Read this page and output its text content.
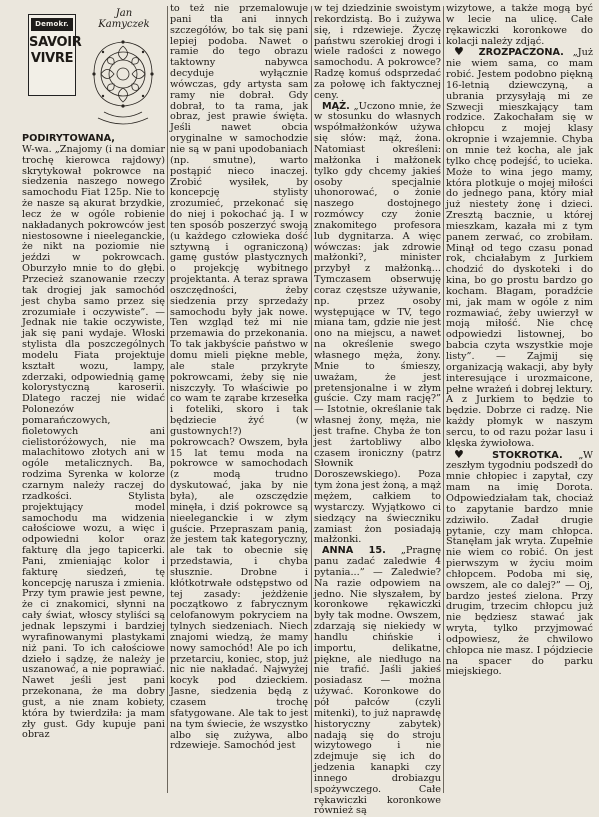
Demokr.
SAVOIR
VIVRE
Jan
Kamyczek

PODIRYTOWANA,
W-wa. „Znajomy (i na domiar trochę kierowca rajdowy) skrytykował pokrowce na siedzenia naszego nowego samochodu Fiat 125p. Nie to że nasze są akurat brzydkie, lecz że w ogóle robienie nakładanych pokrowców jest niestosowne i nieeleganckie, że nikt na poziomie nie jeździ w pokrowcach. Oburzyło mnie to do głębi. Przecież szanowanie rzeczy tak drogiej jak samochód jest chyba samo przez się zrozumiałe i oczywiste”. — Jednak nie takie oczywiste, jak się pani wydaje. Włoski stylista dla poszczególnych modelu Fiata projektuje kształt wozu, lampy, zderzaki, odpowiednią gamę kolorystyczną karoserii. Dlatego raczej nie widać Polonezów pomarańczowych, fioletowych ani cielistoróżowych, nie ma malachitowo złotych ani w ogóle metalicznych. Ba, rodzima Syrenka w kolorze czarnym należy raczej do rzadkości. Stylista projektujący model samochodu ma widzenia całościowe wozu, a więc i odpowiedni kolor oraz fakturę dla jego tapicerki. Pani, zmieniając kolor i fakturę siedzeń, tę koncepcję narusza i zmienia. Przy tym prawie jest pewne, że ci znakomici, słynni na cały świat, włoscy styliści są jednak lepszymi i bardziej wyrafinowanymi plastykami niż pani. To ich całościowe dzieło i sądzę, że należy je uszanować, a nie poprawiać. Nawet jeśli jest pani przekonana, że ma dobry gust, a nie znam kobiety, która by twierdziła: ja mam zły gust. Gdy kupuje pani obraz

to też nie przemalowuje pani tła ani innych szczegółów, bo tak się pani lepiej podoba. Nawet o ramie do tego obrazu taktowny nabywca decyduje wyłącznie wówczas, gdy artysta sam ramy nie dobrał. Gdy dobrał, to ta rama, jak obraz, jest prawie święta. Jeśli nawet obcia oryginalne w samochodzie nie są w pani upodobaniach (np. smutne), warto postąpić nieco inaczej. Zrobić wysiłek, by koncepcję stylisty zrozumieć, przekonać się do niej i pokochać ją. I w ten sposób poszerzyć swoją (u każdego człowieka dość sztywną i ograniczoną) gamę gustów plastycznych o projekcję wybitnego projektanta. A teraz sprawa oszczędności, żeby siedzenia przy sprzedaży samochodu były jak nowe. Ten wzgląd też mi nie przemawia do przekonania. To tak jakbyście państwo w domu mieli piękne meble, ale stale przykryte pokrowcami, żeby się nie niszczyły. To właściwie po co wam te ząrabe krzesełka i foteliki, skoro i tak będziecie żyć (w gustownych!?) pokrowcach? Owszem, była 15 lat temu moda na pokrowce w samochodach (z modą trudno dyskutować, jaka by nie była), ale ozsczędzie minęła, i dziś pokrowce są nieeleganckie i w złym guście. Przepraszam panią, że jestem tak kategoryczny, ale tak to obecnie się przedstawia, i chyba słusznie. Drobne i kłótkotrwałe odstępstwo od tej zasady: jeżdżenie początkowo z fabrycznym celofanowym pokryciem na tylnych siedzeniach. Niech znajomi wiedzą, że mamy nowy samochód! Ale po ich przetarciu, koniec, stop, już nic nie nakładać. Najwyżej kocyk pod dzieckiem. Jasne, siedzenia będą z czasem trochę sfatygowane. Ale tak to jest na tym świecie, że wszystko albo się zużywa, albo rdzewieje. Samochód jest

w tej dziedzinie swoistym rekordzistą. Bo i zużywa się, i rdzewieje. Życzę państwu szerokiej drogi i wiele radości z nowego samochodu. A pokrowce? Radzę komuś odsprzedać za połowę ich faktycznej ceny.

MĄŻ. „Uczono mnie, że w stosunku do własnych współmałżonków używa się słów: mąż, żona. Natomiast określeni: małżonka i małżonek tylko gdy chcemy jakieś osoby specjalnie uhonorować, o żonie naszego dostojnego rozmówcy czy żonie znakomitego profesora lub dygnitarza. A więc wówczas: jak zdrowie małżonki?, minister przybył z małżonką... Tymczasem obserwuję coraz częstsze używanie, np. przez osoby występujące w TV, tego miana tam, gdzie nie jest ono na miejscu, a nawet na określenie swego własnego męża, żony. Mnie to śmieszy, uważam, że jest pretensjonalne i w złym guście. Czy mam rację?” — Istotnie, określanie tak własnej żony, męża, nie jest trafne. Chyba że ton jest żartobliwy albo czasem ironiczny (patrz Słownik Doroszewskiego). Poza tym żona jest żoną, a mąż mężem, całkiem to wystarczy. Wyjątkowo ci siedzący na świeczniku zamiast żon posiadają małżonki.

ANNA 15. „Pragnę panu zadać zaledwie 4 pytania...” — Zaledwie? Na razie odpowiem na jedno. Nie słyszałem, by koronkowe rękawiczki były tak modne. Owszem, zdarzają się niekiedy w handlu chińskie i importu, delikatne, piękne, ale niedługo na nie trafić. Jaśli jakieś posiadasz — można używać. Koronkowe do pół pałców (czyli mitenki), to już naprawdę historyczny zabytek) nadają się do stroju wizytowego i nie zdejmuje się ich do jedzenia kanapki czy innego drobiazgu spożywczego. Całe rękawiczki koronkowe również są

wizytowe, a także mogą być w lecie na ulicę. Całe rękawiczki koronkowe do kolacji należy zdjąć.

♥ ZROZPACZONA. „Już nie wiem sama, co mam robić. Jestem podobno piękną 16-letnią dziewczyną, a ubrania przysyłają mi ze Szwecji mieszkający tam rodzice. Zakochałam się w chłopcu z mojej klasy okropnie i wzajemnie. Chyba on mnie też kocha, ale jak tylko chcę podejść, to ucieka. Może to wina jego mamy, która plotkuje o mojej miłości do jednego pana, który miał już niestety żonę i dzieci. Zresztą bacznie, u której mieszkam, kazała mi z tym panem zerwać, co zrobiłam. Minął od tego czasu ponad rok, chciałabym z Jurkiem chodzić do dyskoteki i do kina, bo go prostu bardzo go kocham. Błagam, poradźcie mi, jak mam w ogóle z nim rozmawiać, żeby uwierzył w moją miłość. Nie chcę odpowiedzi listownej, bo babcia czyta wszystkie moje listy”. — Zajmij się organizacją wakacji, aby były interesujące i urozmaicone, pełne wrażeń i dobrej lektury. A z Jurkiem to będzie to będzie. Dobrze ci radzę. Nie każdy płomyk w naszym sercu, to od razu pożar lasu i klęska żywiołowa.

♥ STOKROTKA. „W zeszłym tygodniu podszedł do mnie chłopiec i zapytał, czy mam na imię Dorota. Odpowiedziałam tak, chociaż to zapytanie bardzo mnie zdziwiło. Zadał drugie pytanie, czy mam chłopca. Stanęłam jak wryta. Zupełnie nie wiem co robić. On jest pierwszym w życiu moim chłopcem. Podoba mi się, owszem, ale co dalej?” — Oj, bardzo jesteś zielona. Przy drugim, trzecim chłopcu już nie będziesz stawać jak wryta, tylko przyjmować odpowiesz, że chwilowo chłopca nie masz. I pójdziecie na spacer do parku miejskiego.
